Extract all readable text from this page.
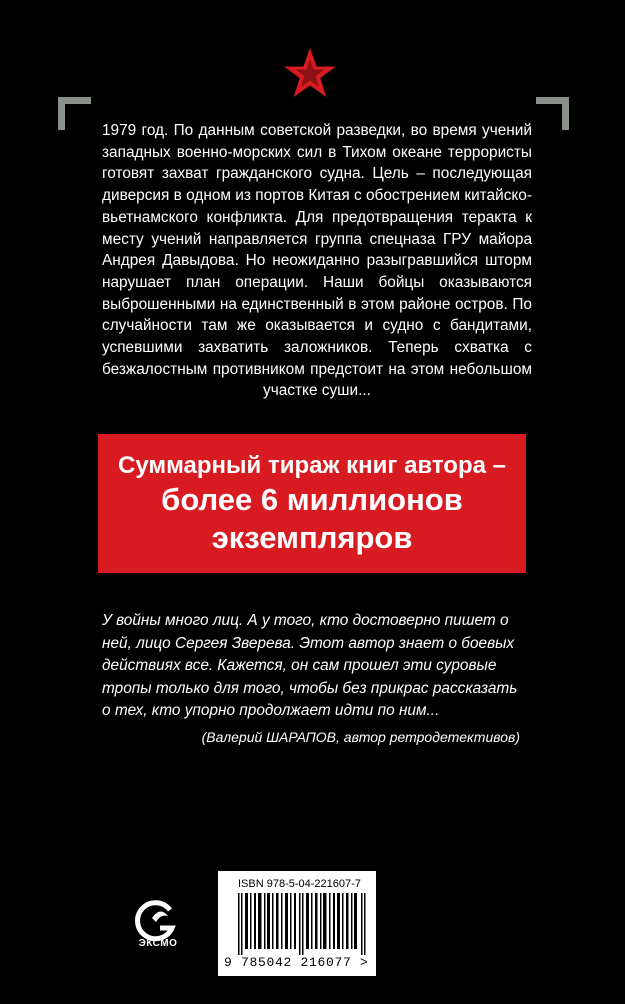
1979 год. По данным советской разведки, во время учений западных военно-морских сил в Тихом океане террористы готовят захват гражданского судна. Цель – последующая диверсия в одном из портов Китая с обострением китайско-вьетнамского конфликта. Для предотвращения теракта к месту учений направляется группа спецназа ГРУ майора Андрея Давыдова. Но неожиданно разыгравшийся шторм нарушает план операции. Наши бойцы оказываются выброшенными на единственный в этом районе остров. По случайности там же оказывается и судно с бандитами, успевшими захватить заложников. Теперь схватка с безжалостным противником предстоит на этом небольшом участке суши...

Суммарный тираж книг автора –
более 6 миллионов
экземпляров

У войны много лиц. А у того, кто достоверно пишет о ней, лицо Сергея Зверева. Этот автор знает о боевых действиях все. Кажется, он сам прошел эти суровые тропы только для того, чтобы без прикрас рассказать о тех, кто упорно продолжает идти по ним...

(Валерий ШАРАПОВ, автор ретродетективов)
ЭКСМО
ISBN 978-5-04-221607-7
9 785042 216077 >
